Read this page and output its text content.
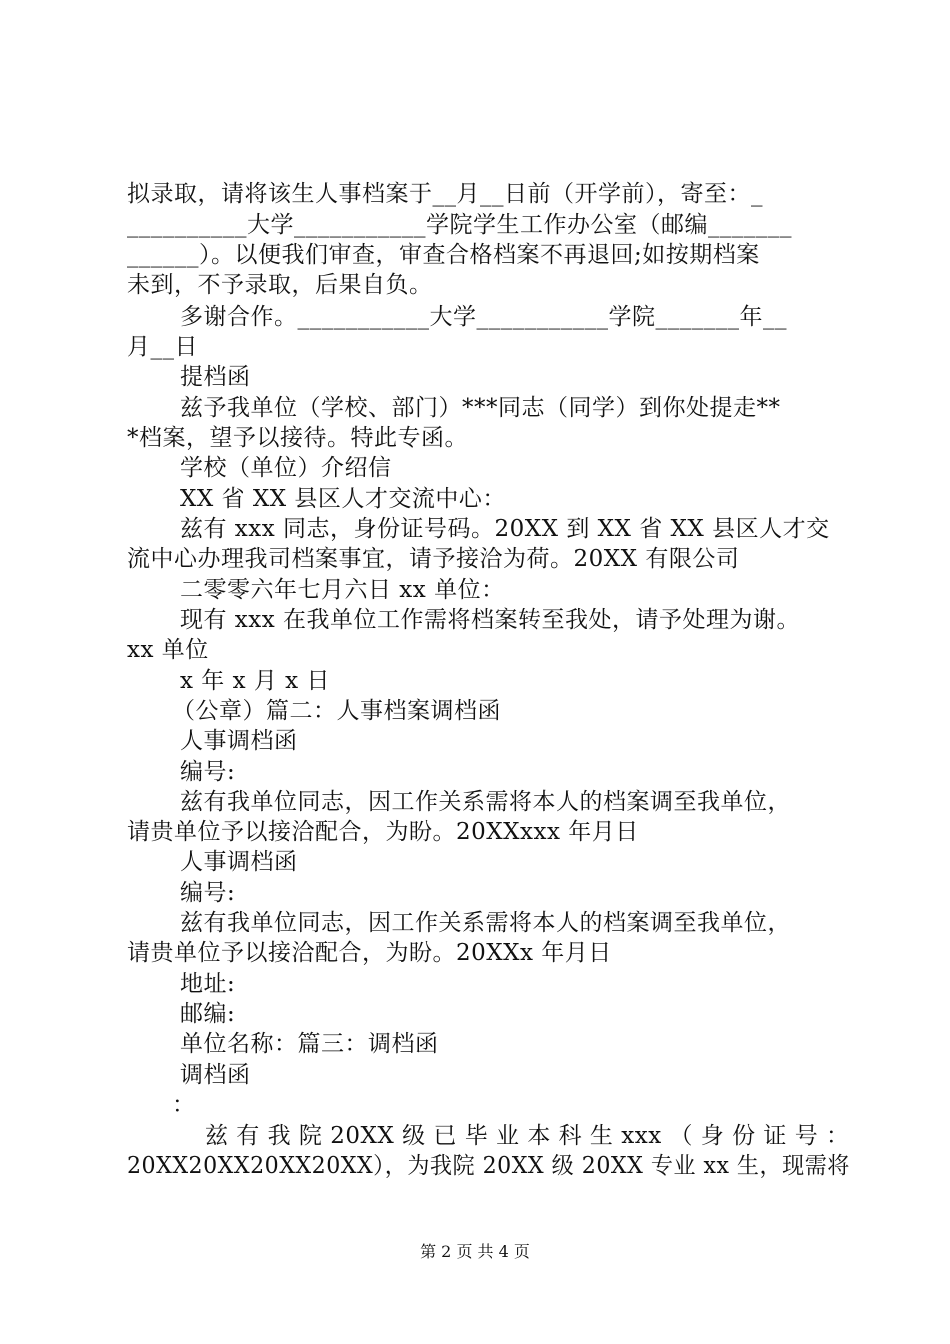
拟录取，请将该生人事档案于__月__日前（开学前），寄至：_
__________大学___________学院学生工作办公室（邮编_______
______）。以便我们审查，审查合格档案不再退回;如按期档案
未到，不予录取，后果自负。
多谢合作。___________大学___________学院_______年__
月__日
提档函
兹予我单位（学校、部门）***同志（同学）到你处提走**
*档案，望予以接待。特此专函。
学校（单位）介绍信
XX 省 XX 县区人才交流中心：
兹有 xxx 同志，身份证号码。20XX 到 XX 省 XX 县区人才交
流中心办理我司档案事宜，请予接洽为荷。20XX 有限公司
二零零六年七月六日 xx 单位：
现有 xxx 在我单位工作需将档案转至我处，请予处理为谢。
xx 单位
x 年 x 月 x 日
（公章）篇二：人事档案调档函
人事调档函
编号:
兹有我单位同志，因工作关系需将本人的档案调至我单位，
请贵单位予以接洽配合，为盼。20XXxxx 年月日
人事调档函
编号:
兹有我单位同志，因工作关系需将本人的档案调至我单位，
请贵单位予以接洽配合，为盼。20XXx 年月日
地址:
邮编:
单位名称：篇三：调档函
调档函
：
兹 有 我 院 20XX 级 已 毕 业 本 科 生 xxx （ 身 份 证 号 ：
20XX20XX20XX20XX），为我院 20XX 级 20XX 专业 xx 生，现需将
第 2 页 共 4 页
